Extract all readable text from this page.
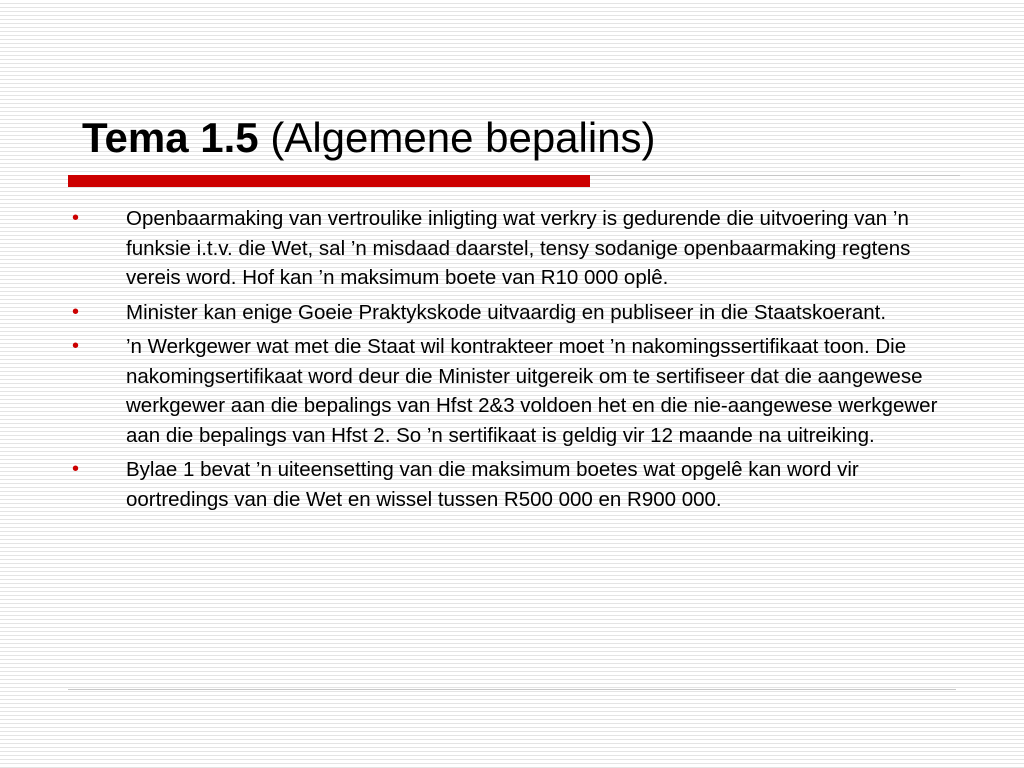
Tema 1.5 (Algemene bepalins)
• Openbaarmaking van vertroulike inligting wat verkry is gedurende die uitvoering van ’n funksie i.t.v. die Wet, sal ’n misdaad daarstel, tensy sodanige openbaarmaking regtens vereis word. Hof kan ’n maksimum boete van R10 000 oplê.
• Minister kan enige Goeie Praktykskode uitvaardig en publiseer in die Staatskoerant.
• ’n Werkgewer wat met die Staat wil kontrakteer moet ’n nakomingssertifikaat toon. Die nakomingsertifikaat word deur die Minister uitgereik om te sertifiseer dat die aangewese werkgewer aan die bepalings van Hfst 2&3 voldoen het en die nie-aangewese werkgewer aan die bepalings van Hfst 2. So ’n sertifikaat is geldig vir 12 maande na uitreiking.
• Bylae 1 bevat ’n uiteensetting van die maksimum boetes wat opgelê kan word vir oortredings van die Wet en wissel tussen R500 000 en R900 000.
